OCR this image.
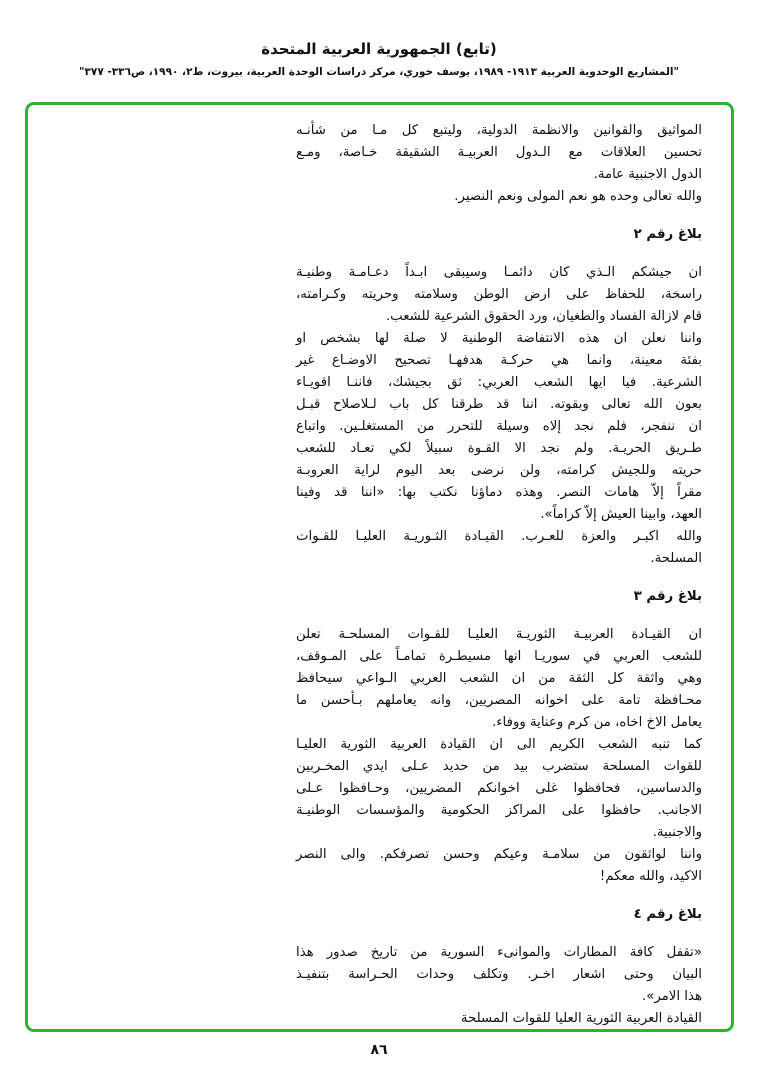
(تابع) الجمهورية العربية المتحدة
"المشاريع الوحدوية العربية ١٩١٣- ١٩٨٩، يوسف خوري، مركز دراسات الوحدة العربية، بيروت، ط٢، ١٩٩٠، ص٣٣٦- ٣٧٧"
المواثيق والقوانين والانظمة الدولية، وليتبع كل مـا من شأنـه
تحسين العلاقات مع الـدول العربيـة الشقيقة خـاصة، ومـع
الدول الاجنبية عامة.
والله تعالى وحده هو نعم المولى ونعم النصير.
بلاغ رقم ٢
ان جيشكم الـذي كان دائمـا وسيبقى ابـداً دعـامـة وطنيـة
راسخة، للحفاظ على ارض الوطن وسلامته وحريته وكـرامته،
قام لازالة الفساد والطغيان، ورد الحقوق الشرعية للشعب.
واننا نعلن ان هذه الانتفاضة الوطنية لا صلة لها بشخص او
بفئة معينة، وانما هي حركـة هدفهـا تصحيح الاوضـاع غير
الشرعية. فيا ايها الشعب العربي: ثق بجيشك، فاننـا اقويـاء
بعون الله تعالى وبقوته. اننا قد طرقنا كل باب لـلاصلاح قبـل
ان ننفجر، فلم نجد إلاه وسيلة للتحرر من المستغلـين. واتباع
طـريق الحريـة. ولم نجد الا القـوة سبيلاً لكي تعـاد للشعب
حريته وللجيش كرامته، ولن نرضى بعد اليوم لراية العروبـة
مقراً إلاّ هامات النصر. وهذه دماؤنا نكتب بها: «اننا قد وفينا
العهد، وابينا العيش إلاّ كراماً».
والله اكبـر والعزة للعـرب. القيـادة الثـوريـة العليـا للقـوات
المسلحة.
بلاغ رقم ٣
ان القيـادة العربيـة الثوريـة العليـا للقـوات المسلحـة تعلن
للشعب العربي في سوريـا انها مسيطـرة تمامـاً على المـوقف،
وهي واثقة كل الثقة من ان الشعب العربي الـواعي سيحافظ
محـافظة تامة على اخوانه المصريين، وانه يعاملهم بـأحسن ما
يعامل الاخ اخاه، من كرم وعناية ووفاء.
كما تنبه الشعب الكريم الى ان القيادة العربية الثورية العليـا
للقوات المسلحة ستضرب بيد من حديد عـلى ايدي المخـربين
والدساسين، فحافظوا غلى اخوانكم المضريين، وحـافظوا عـلى
الاجانب. حافظوا على المراكز الحكومية والمؤسسات الوطنيـة
والاجنبية.
واننا لواثقون من سلامـة وعيكم وحسن تصرفكم. والى النصر
الاكيد، والله معكم!
بلاغ رقم ٤
«تقفل كافة المطارات والموانىء السورية من تاريخ صدور هذا
البيان وحتى اشعار اخـر. وتكلف وحدات الحـراسة بتنفيـذ
هذا الامر».
القيادة العربية الثورية العليا للقوات المسلحة
٨٦
